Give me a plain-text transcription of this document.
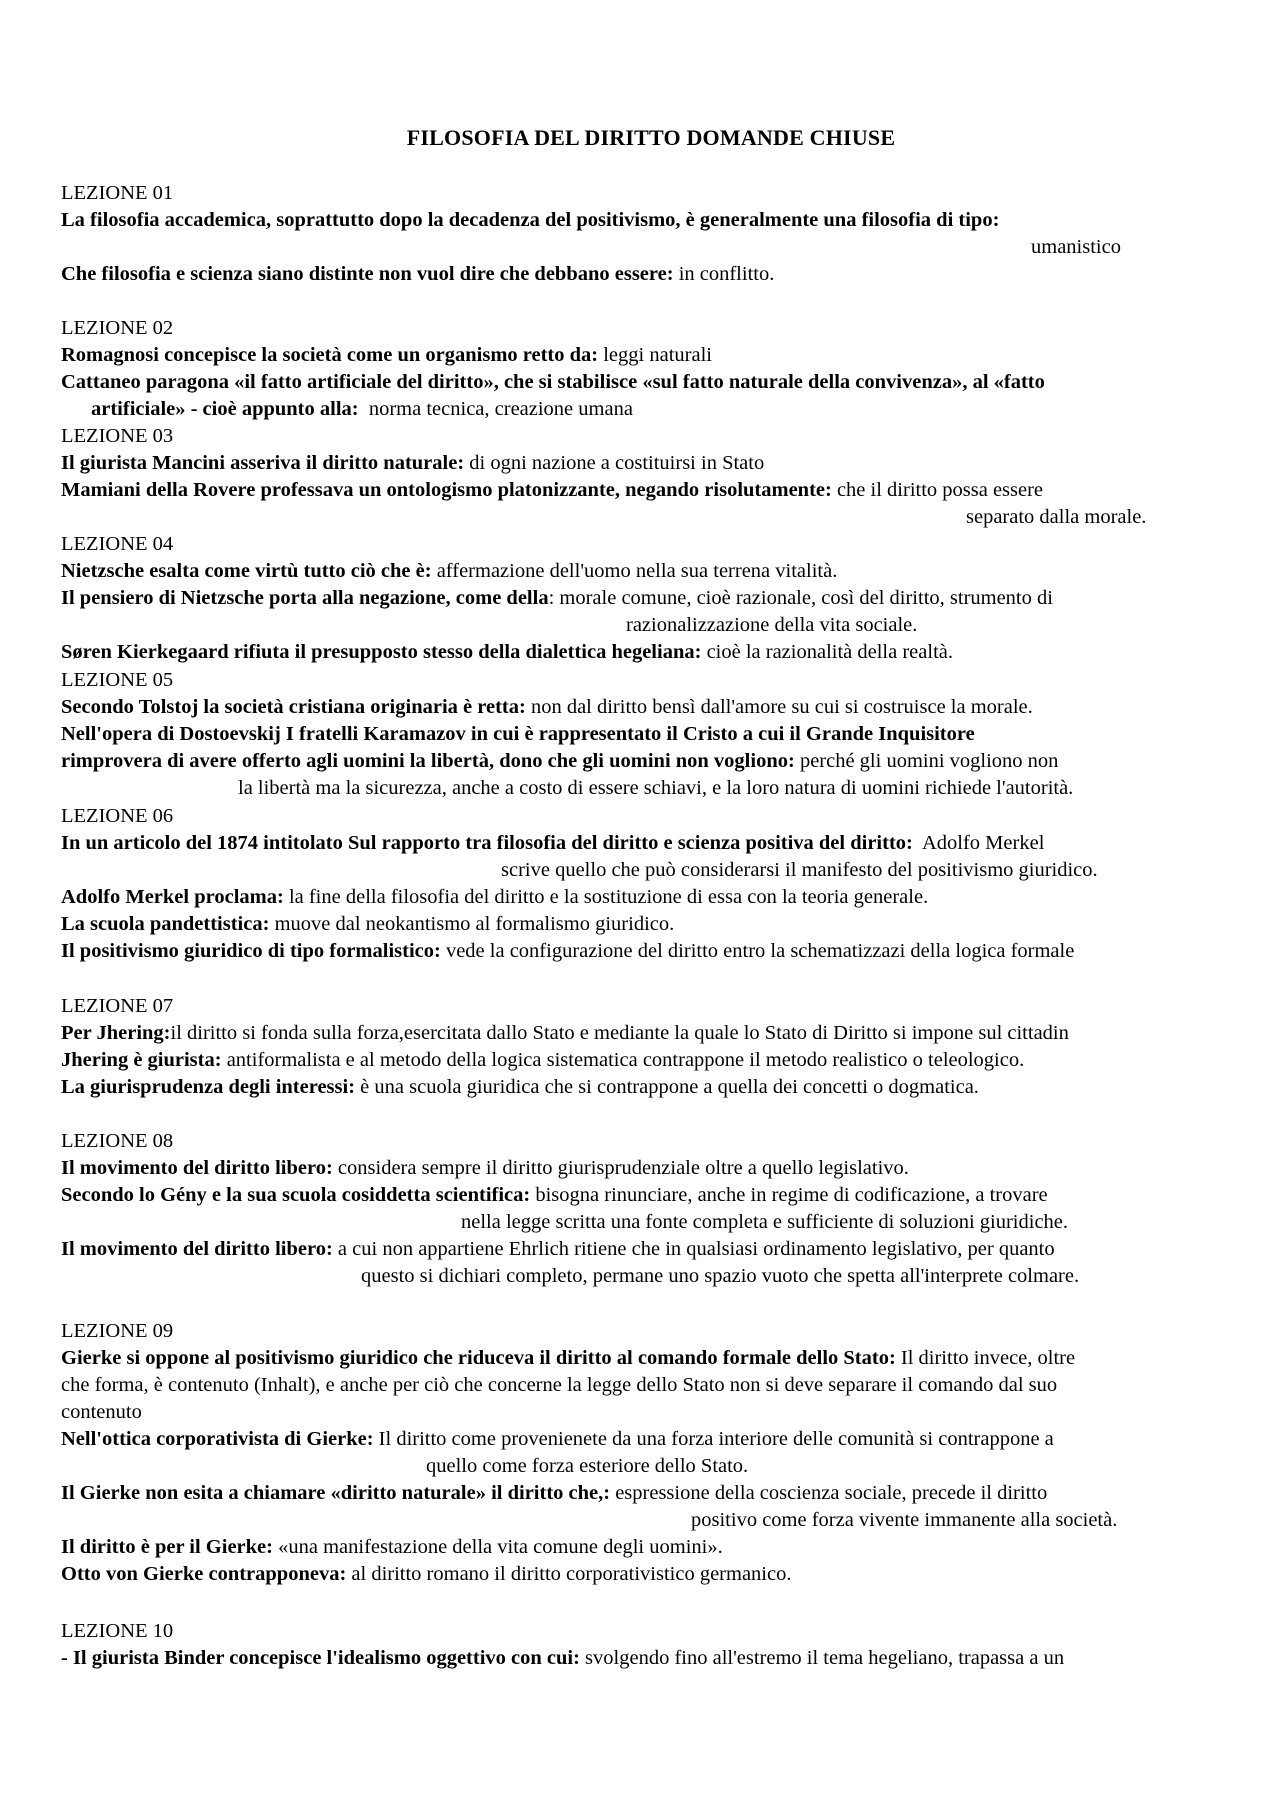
FILOSOFIA DEL DIRITTO DOMANDE CHIUSE
LEZIONE 01
La filosofia accademica, soprattutto dopo la decadenza del positivismo, è generalmente una filosofia di tipo:
umanistico
Che filosofia e scienza siano distinte non vuol dire che debbano essere: in conflitto.
LEZIONE 02
Romagnosi concepisce la società come un organismo retto da: leggi naturali
Cattaneo paragona «il fatto artificiale del diritto», che si stabilisce «sul fatto naturale della convivenza», al «fatto
artificiale» - cioè appunto alla: norma tecnica, creazione umana
LEZIONE 03
Il giurista Mancini asseriva il diritto naturale: di ogni nazione a costituirsi in Stato
Mamiani della Rovere professava un ontologismo platonizzante, negando risolutamente: che il diritto possa essere
separato dalla morale.
LEZIONE 04
Nietzsche esalta come virtù tutto ciò che è: affermazione dell'uomo nella sua terrena vitalità.
Il pensiero di Nietzsche porta alla negazione, come della: morale comune, cioè razionale, così del diritto, strumento di
razionalizzazione della vita sociale.
Søren Kierkegaard rifiuta il presupposto stesso della dialettica hegeliana: cioè la razionalità della realtà.
LEZIONE 05
Secondo Tolstoj la società cristiana originaria è retta: non dal diritto bensì dall'amore su cui si costruisce la morale.
Nell'opera di Dostoevskij I fratelli Karamazov in cui è rappresentato il Cristo a cui il Grande Inquisitore
rimprovera di avere offerto agli uomini la libertà, dono che gli uomini non vogliono: perché gli uomini vogliono non
la libertà ma la sicurezza, anche a costo di essere schiavi, e la loro natura di uomini richiede l'autorità.
LEZIONE 06
In un articolo del 1874 intitolato Sul rapporto tra filosofia del diritto e scienza positiva del diritto: Adolfo Merkel
scrive quello che può considerarsi il manifesto del positivismo giuridico.
Adolfo Merkel proclama: la fine della filosofia del diritto e la sostituzione di essa con la teoria generale.
La scuola pandettistica: muove dal neokantismo al formalismo giuridico.
Il positivismo giuridico di tipo formalistico: vede la configurazione del diritto entro la schematizzazi della logica formale
LEZIONE 07
Per Jhering:il diritto si fonda sulla forza,esercitata dallo Stato e mediante la quale lo Stato di Diritto si impone sul cittadin
Jhering è giurista: antiformalista e al metodo della logica sistematica contrappone il metodo realistico o teleologico.
La giurisprudenza degli interessi: è una scuola giuridica che si contrappone a quella dei concetti o dogmatica.
LEZIONE 08
Il movimento del diritto libero: considera sempre il diritto giurisprudenziale oltre a quello legislativo.
Secondo lo Gény e la sua scuola cosiddetta scientifica: bisogna rinunciare, anche in regime di codificazione, a trovare
nella legge scritta una fonte completa e sufficiente di soluzioni giuridiche.
Il movimento del diritto libero: a cui non appartiene Ehrlich ritiene che in qualsiasi ordinamento legislativo, per quanto
questo si dichiari completo, permane uno spazio vuoto che spetta all'interprete colmare.
LEZIONE 09
Gierke si oppone al positivismo giuridico che riduceva il diritto al comando formale dello Stato: Il diritto invece, oltre
che forma, è contenuto (Inhalt), e anche per ciò che concerne la legge dello Stato non si deve separare il comando dal suo
contenuto
Nell'ottica corporativista di Gierke: Il diritto come provenienete da una forza interiore delle comunità si contrappone a
quello come forza esteriore dello Stato.
Il Gierke non esita a chiamare «diritto naturale» il diritto che,: espressione della coscienza sociale, precede il diritto
positivo come forza vivente immanente alla società.
Il diritto è per il Gierke: «una manifestazione della vita comune degli uomini».
Otto von Gierke contrapponeva: al diritto romano il diritto corporativistico germanico.
LEZIONE 10
- Il giurista Binder concepisce l'idealismo oggettivo con cui: svolgendo fino all'estremo il tema hegeliano, trapassa a un
